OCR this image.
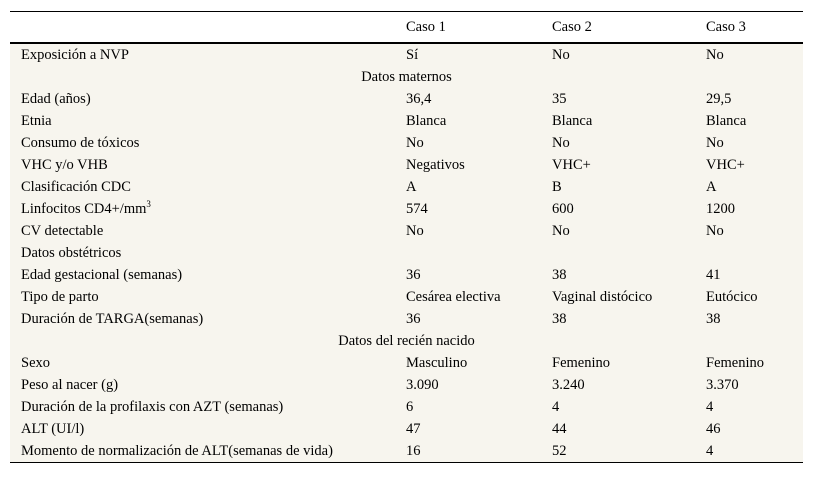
	Caso 1	Caso 2	Caso 3
Exposición a NVP	Sí	No	No
Datos maternos			
Edad (años)	36,4	35	29,5
Etnia	Blanca	Blanca	Blanca
Consumo de tóxicos	No	No	No
VHC y/o VHB	Negativos	VHC+	VHC+
Clasificación CDC	A	B	A
Linfocitos $CD4+/mm^3$	574	600	1200
CV detectable	No	No	No
Datos obstétricos			
Edad gestacional (semanas)	36	38	41
Tipo de parto	Cesárea electiva	Vaginal distócico	Eutócico
Duración de TARGA(semanas)	36	38	38
Datos del recién nacido			
Sexo	Masculino	Femenino	Femenino
Peso al nacer (g)	3.090	3.240	3.370
Duración de la profilaxis con AZT (semanas)	6	4	4
ALT (UI/l)	47	44	46
Momento de normalización de ALT(semanas de vida)	16	52	4
